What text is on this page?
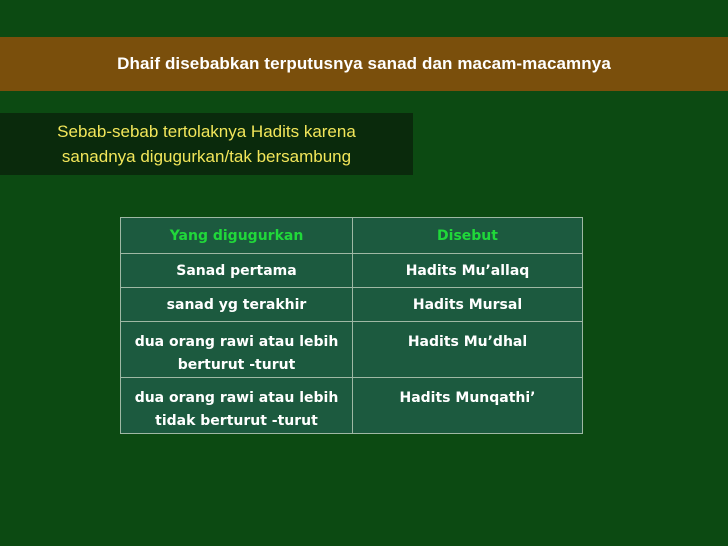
Dhaif disebabkan terputusnya sanad dan macam-macamnya
Sebab-sebab tertolaknya Hadits karena
sanadnya digugurkan/tak bersambung
Yang digugurkan	Disebut
Sanad pertama	Hadits Mu’allaq
sanad yg terakhir	Hadits Mursal

dua orang rawi atau lebih
berturut -turut	Hadits Mu’dhal

dua orang rawi atau lebih
tidak berturut -turut	Hadits Munqathi’
